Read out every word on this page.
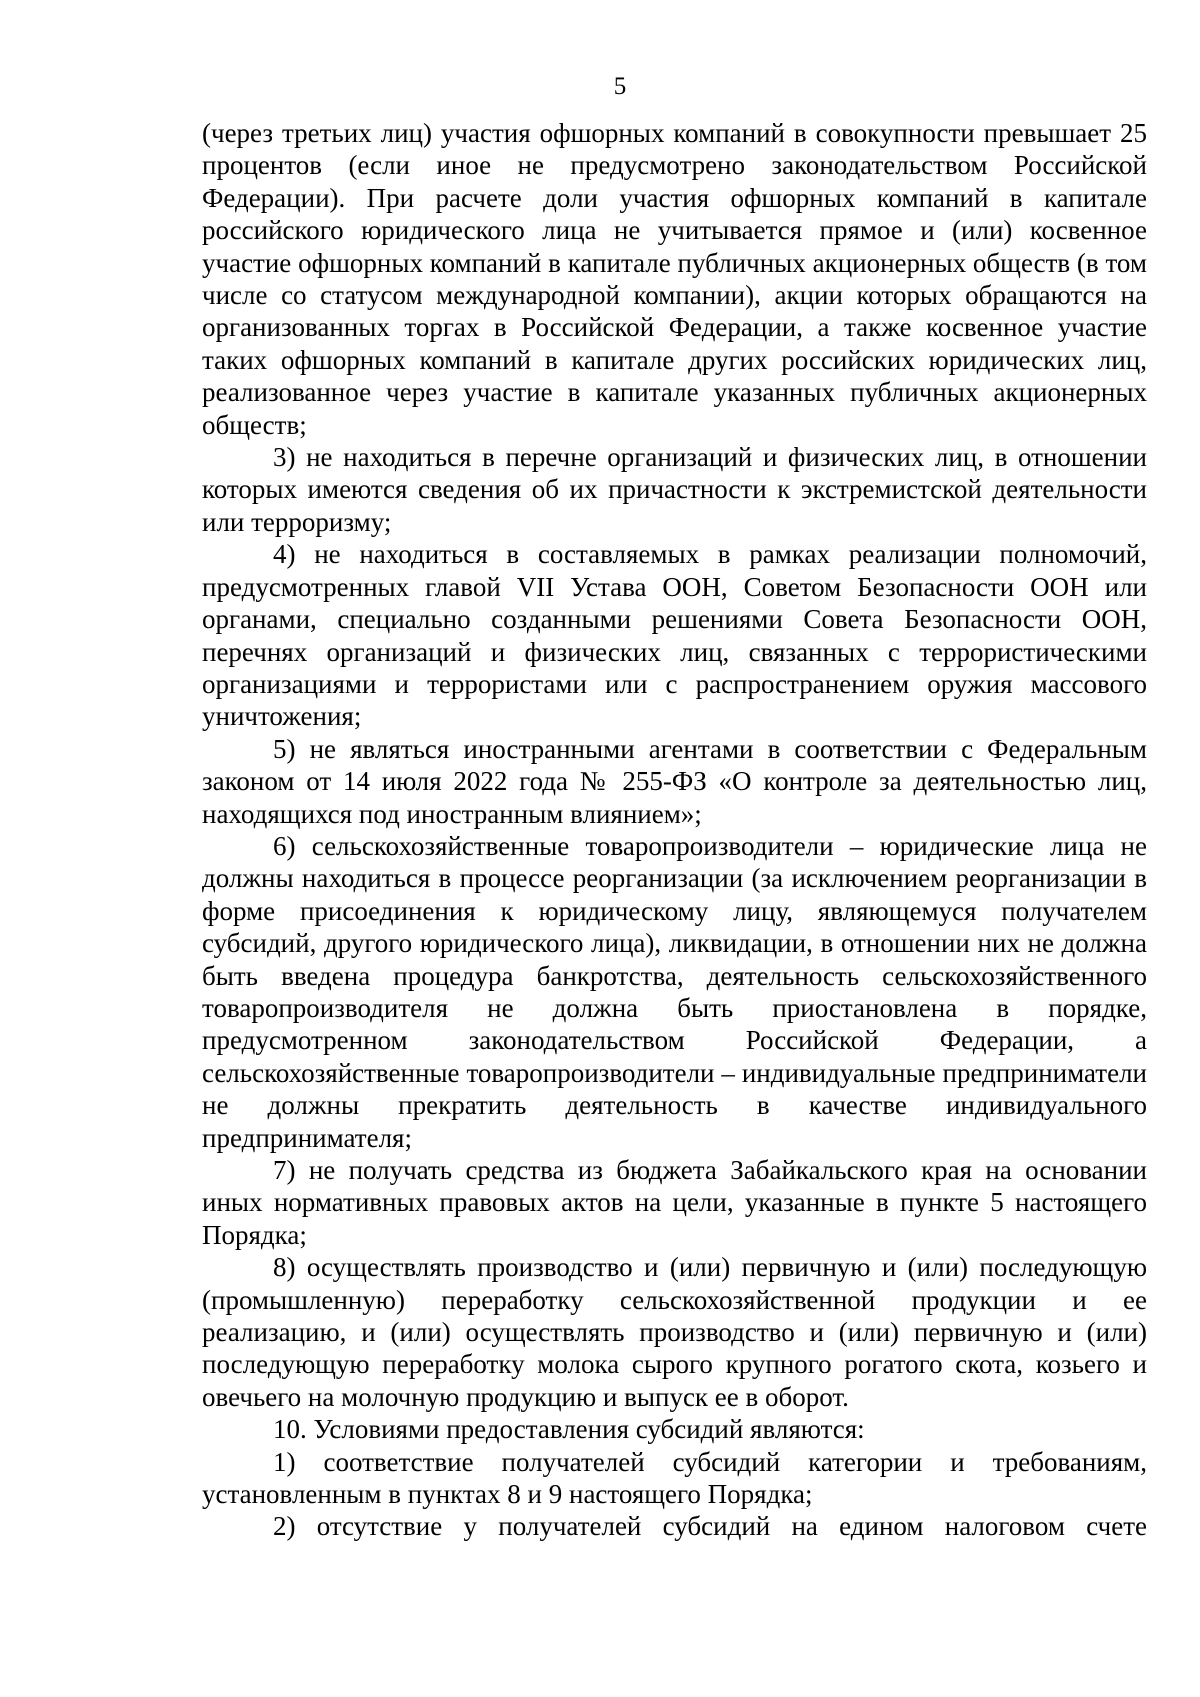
5

(через третьих лиц) участия офшорных компаний в совокупности превышает 25 процентов (если иное не предусмотрено законодательством Российской Федерации). При расчете доли участия офшорных компаний в капитале российского юридического лица не учитывается прямое и (или) косвенное участие офшорных компаний в капитале публичных акционерных обществ (в том числе со статусом международной компании), акции которых обращаются на организованных торгах в Российской Федерации, а также косвенное участие таких офшорных компаний в капитале других российских юридических лиц, реализованное через участие в капитале указанных публичных акционерных обществ;

3) не находиться в перечне организаций и физических лиц, в отношении которых имеются сведения об их причастности к экстремистской деятельности или терроризму;

4) не находиться в составляемых в рамках реализации полномочий, предусмотренных главой VII Устава ООН, Советом Безопасности ООН или органами, специально созданными решениями Совета Безопасности ООН, перечнях организаций и физических лиц, связанных с террористическими организациями и террористами или с распространением оружия массового уничтожения;

5) не являться иностранными агентами в соответствии с Федеральным законом от 14 июля 2022 года № 255-ФЗ «О контроле за деятельностью лиц, находящихся под иностранным влиянием»;

6) сельскохозяйственные товаропроизводители – юридические лица не должны находиться в процессе реорганизации (за исключением реорганизации в форме присоединения к юридическому лицу, являющемуся получателем субсидий, другого юридического лица), ликвидации, в отношении них не должна быть введена процедура банкротства, деятельность сельскохозяйственного товаропроизводителя не должна быть приостановлена в порядке, предусмотренном законодательством Российской Федерации, а сельскохозяйственные товаропроизводители – индивидуальные предприниматели не должны прекратить деятельность в качестве индивидуального предпринимателя;

7) не получать средства из бюджета Забайкальского края на основании иных нормативных правовых актов на цели, указанные в пункте 5 настоящего Порядка;

8) осуществлять производство и (или) первичную и (или) последующую (промышленную) переработку сельскохозяйственной продукции и ее реализацию, и (или) осуществлять производство и (или) первичную и (или) последующую переработку молока сырого крупного рогатого скота, козьего и овечьего на молочную продукцию и выпуск ее в оборот.

10. Условиями предоставления субсидий являются:

1) соответствие получателей субсидий категории и требованиям, установленным в пунктах 8 и 9 настоящего Порядка;

2) отсутствие у получателей субсидий на едином налоговом счете
